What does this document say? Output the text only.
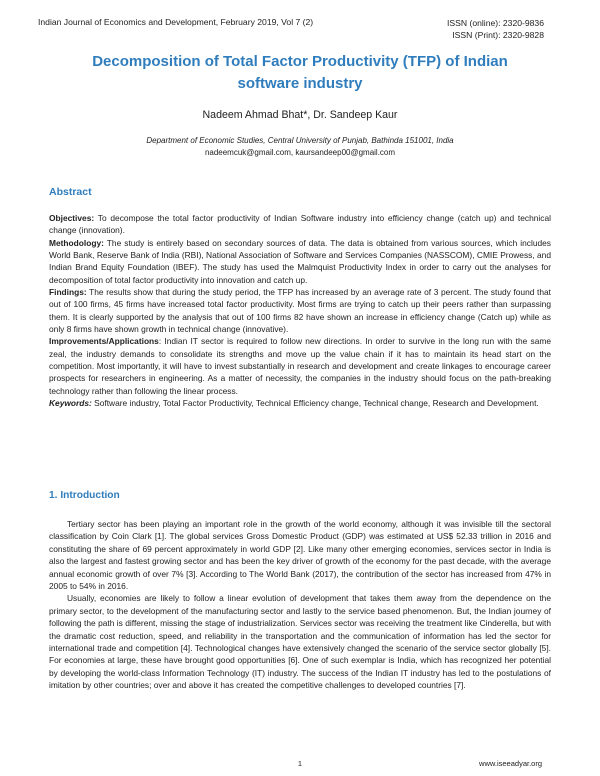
Indian Journal of Economics and Development, February 2019, Vol 7 (2)	ISSN (online): 2320-9836
ISSN (Print): 2320-9828
Decomposition of Total Factor Productivity (TFP) of Indian software industry
Nadeem Ahmad Bhat*, Dr. Sandeep Kaur
Department of Economic Studies, Central University of Punjab, Bathinda 151001, India
nadeemcuk@gmail.com, kaursandeep00@gmail.com
Abstract

Objectives: To decompose the total factor productivity of Indian Software industry into efficiency change (catch up) and technical change (innovation).

Methodology: The study is entirely based on secondary sources of data. The data is obtained from various sources, which includes World Bank, Reserve Bank of India (RBI), National Association of Software and Services Companies (NASSCOM), CMIE Prowess, and Indian Brand Equity Foundation (IBEF). The study has used the Malmquist Productivity Index in order to carry out the analyses for decomposition of total factor productivity into innovation and catch up.

Findings: The results show that during the study period, the TFP has increased by an average rate of 3 percent. The study found that out of 100 firms, 45 firms have increased total factor productivity. Most firms are trying to catch up their peers rather than surpassing them. It is clearly supported by the analysis that out of 100 firms 82 have shown an increase in efficiency change (Catch up) while as only 8 firms have shown growth in technical change (innovative).

Improvements/Applications: Indian IT sector is required to follow new directions. In order to survive in the long run with the same zeal, the industry demands to consolidate its strengths and move up the value chain if it has to maintain its head start on the competition. Most importantly, it will have to invest substantially in research and development and create linkages to encourage career prospects for researchers in engineering. As a matter of necessity, the companies in the industry should focus on the path-breaking technology rather than following the linear process.

Keywords: Software industry, Total Factor Productivity, Technical Efficiency change, Technical change, Research and Development.

1. Introduction

Tertiary sector has been playing an important role in the growth of the world economy, although it was invisible till the sectoral classification by Coin Clark [1]. The global services Gross Domestic Product (GDP) was estimated at US$ 52.33 trillion in 2016 and constituting the share of 69 percent approximately in world GDP [2]. Like many other emerging economies, services sector in India is also the largest and fastest growing sector and has been the key driver of growth of the economy for the past decade, with the average annual economic growth of over 7% [3]. According to The World Bank (2017), the contribution of the sector has increased from 47% in 2005 to 54% in 2016.

Usually, economies are likely to follow a linear evolution of development that takes them away from the dependence on the primary sector, to the development of the manufacturing sector and lastly to the service based phenomenon. But, the Indian journey of following the path is different, missing the stage of industrialization. Services sector was receiving the treatment like Cinderella, but with the dramatic cost reduction, speed, and reliability in the transportation and the communication of information has led the sector for international trade and competition [4]. Technological changes have extensively changed the scenario of the service sector globally [5]. For economies at large, these have brought good opportunities [6]. One of such exemplar is India, which has recognized her potential by developing the world-class Information Technology (IT) industry. The success of the Indian IT industry has led to the postulations of imitation by other countries; over and above it has created the competitive challenges to developed countries [7].

1	www.iseeadyar.org
